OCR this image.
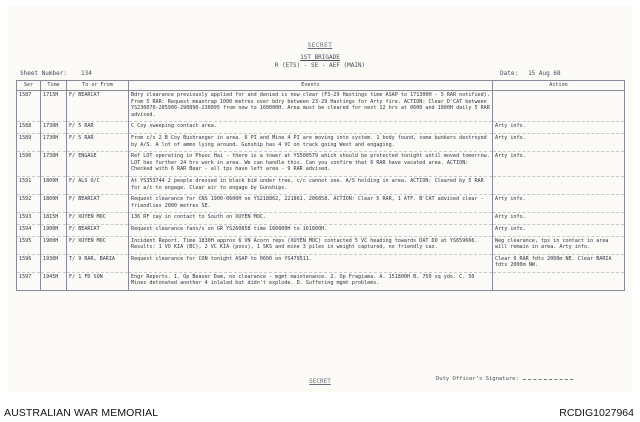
SECRET
1ST BRIGADE
R (ETS) - SE - AEF (MAIN)
Sheet Number: 134	Date: 15 Aug 68
Ser	Time	To or From	Events	Action
1587	1715H	F/ BEARCAT	Bdry clearance previously applied for and denied is now clear (F3-29 Hastings time ASAP to 171300H - 5 RAR notified). From 5 RAR: Request meantrap 1000 metres over bdry between 23-29 Hastings for Arty fire. ACTION: Clear D'CAT between YS230070-285900-290890-230095 from now to 160000H. Area must be cleared for next 12 hrs at 0600 and 1800H daily 5 RAR advised.	
1588	1730H	F/ 5 RAR	C Coy sweeping contact area.	Arty info.
1589	1730H	F/ 5 RAR	From c/s 2 B Coy Bushranger in area. 6 PI and Mine 4 PI are moving into system. 1 body found, some bunkers destroyed by A/S. A lot of ammo lying around. Gunship has 4 VC on track going West and engaging.	Arty info.
1590	1730H	F/ ENGAGE	Ref LOT operating in Phuoc Hai - there is a tower at YS500579 which should be protected tonight until moved tomorrow. LOT has further 24 hrs work in area. We can handle this. Can you confirm that 6 RAR have vacated area. ACTION: Checked with 6 RAR Bear - all tps have left area - 9 RAR advised.	Arty info.
1591	1800H	F/ ALS O/C	At YS353744 2 people dressed in black bid under tree, c/c cannot see. A/S holding in area. ACTION: Cleared by 5 RAR for a/c to engage. Clear air to engage by Gunships.	
1592	1800H	F/ BEARCAT	Request clearance for CNS 1900-0600H on YS218862, 221861, 206858. ACTION: Clear 5 RAR, 1 ATF. B'CAT advised clear - friendlies 2000 metres SE.	Arty info.
1593	1815H	F/ XUYEN MOC	136 RF cay in contact to South on XUYEN MOC.	Arty info.
1594	1900H	F/ BEARCAT	Request clearance fans/s on GR YS260858 time 160800H to 161800H.	Arty info.
1595	1900H	F/ XUYEN MOC	Incident Report. Time 1830H approx 6 VN Acorn reps (XUYEN MOC) contacted 5 VC heading towards DAT DO at YS659666. Results: 1 VO KIA (BC), 2 VC KIA (poss), 1 SKS and mine 3 piles in weight captured, no friendly cas.	Neg clearance, tps in contact in area will remain in area. Arty info.
1596	1930H	T/ 9 RAR, BARIA	Request clearance for CON tonight ASAP to 0600 on YS479511.	Clear 9 RAR fdts 2000m NE. Clear BARIA fdts 2000m NW.
1597	1945H	F/ 1 FD SQN	Engr Reports. 1. Op Beaver Dam, no clearance - mgmt maintenance. 2. Op Fragiama. A. 151800H B. 750 sq yds. C. 50 Mines detonated another 4 inlaled but didn't explode. D. Suffering mgmt problems.	
SECRET	Duty Officer's Signature:
AUSTRALIAN WAR MEMORIAL	RCDIG1027964
